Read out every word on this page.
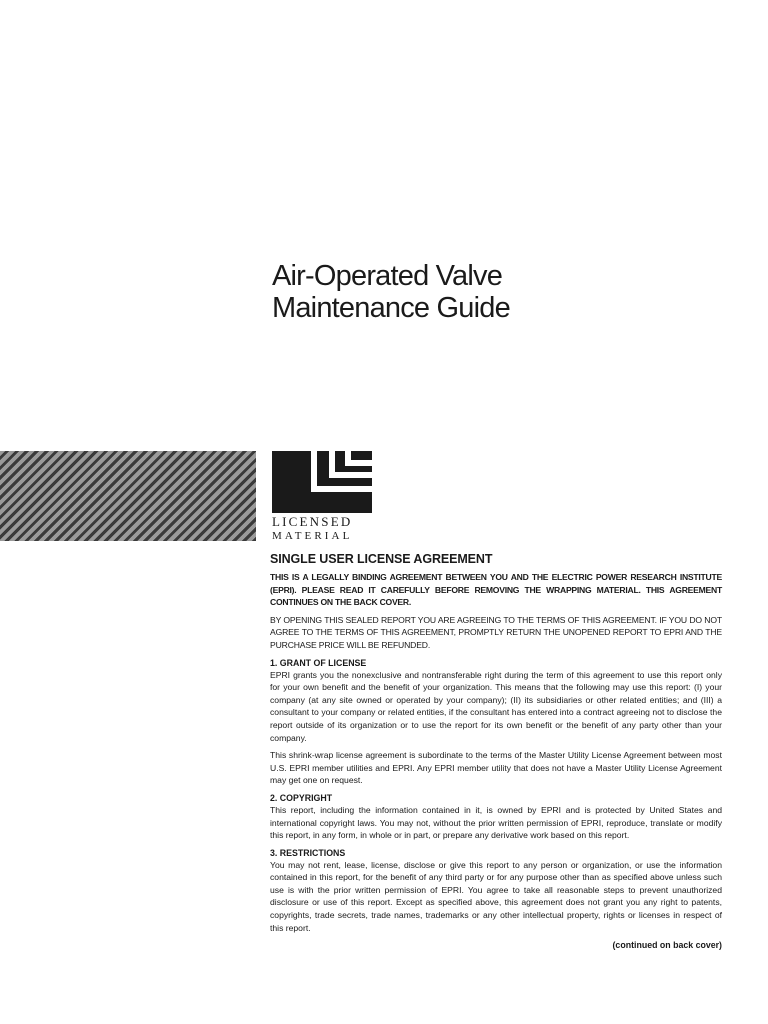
Air-Operated Valve
Maintenance Guide
LICENSED
MATERIAL
SINGLE USER LICENSE AGREEMENT

THIS IS A LEGALLY BINDING AGREEMENT BETWEEN YOU AND THE ELECTRIC POWER RESEARCH INSTITUTE (EPRI). PLEASE READ IT CAREFULLY BEFORE REMOVING THE WRAPPING MATERIAL. THIS AGREEMENT CONTINUES ON THE BACK COVER.

BY OPENING THIS SEALED REPORT YOU ARE AGREEING TO THE TERMS OF THIS AGREEMENT. IF YOU DO NOT AGREE TO THE TERMS OF THIS AGREEMENT, PROMPTLY RETURN THE UNOPENED REPORT TO EPRI AND THE PURCHASE PRICE WILL BE REFUNDED.

1. GRANT OF LICENSE

EPRI grants you the nonexclusive and nontransferable right during the term of this agreement to use this report only for your own benefit and the benefit of your organization. This means that the following may use this report: (I) your company (at any site owned or operated by your company); (II) its subsidiaries or other related entities; and (III) a consultant to your company or related entities, if the consultant has entered into a contract agreeing not to disclose the report outside of its organization or to use the report for its own benefit or the benefit of any party other than your company.

This shrink-wrap license agreement is subordinate to the terms of the Master Utility License Agreement between most U.S. EPRI member utilities and EPRI. Any EPRI member utility that does not have a Master Utility License Agreement may get one on request.

2. COPYRIGHT

This report, including the information contained in it, is owned by EPRI and is protected by United States and international copyright laws. You may not, without the prior written permission of EPRI, reproduce, translate or modify this report, in any form, in whole or in part, or prepare any derivative work based on this report.

3. RESTRICTIONS

You may not rent, lease, license, disclose or give this report to any person or organization, or use the information contained in this report, for the benefit of any third party or for any purpose other than as specified above unless such use is with the prior written permission of EPRI. You agree to take all reasonable steps to prevent unauthorized disclosure or use of this report. Except as specified above, this agreement does not grant you any right to patents, copyrights, trade secrets, trade names, trademarks or any other intellectual property, rights or licenses in respect of this report.

(continued on back cover)
